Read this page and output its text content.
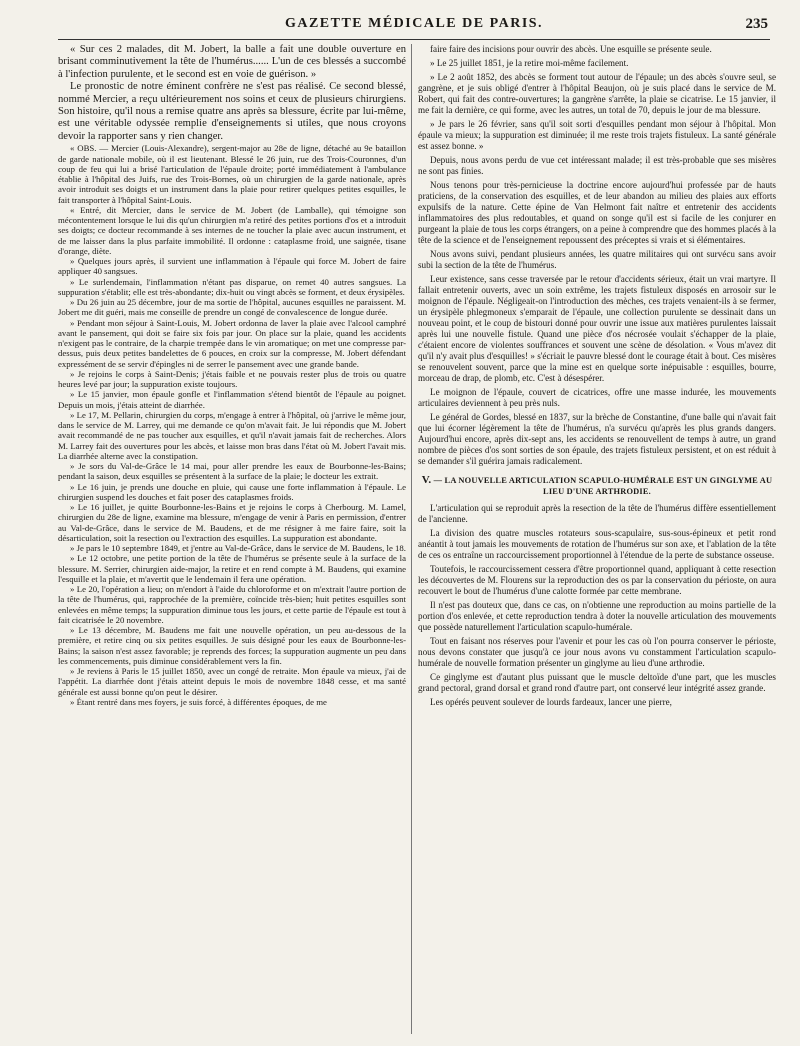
GAZETTE MÉDICALE DE PARIS.	235

« Sur ces 2 malades, dit M. Jobert, la balle a fait une double ouverture en brisant comminutivement la tête de l'humérus...... L'un de ces blessés a succombé à l'infection purulente, et le second est en voie de guérison. »

Le pronostic de notre éminent confrère ne s'est pas réalisé. Ce second blessé, nommé Mercier, a reçu ultérieurement nos soins et ceux de plusieurs chirurgiens. Son histoire, qu'il nous a remise quatre ans après sa blessure, écrite par lui-même, est une véritable odyssée remplie d'enseignements si utiles, que nous croyons devoir la rapporter sans y rien changer.

« OBS. — Mercier (Louis-Alexandre), sergent-major au 28e de ligne, détaché au 9e bataillon de garde nationale mobile, où il est lieutenant. Blessé le 26 juin, rue des Trois-Couronnes, d'un coup de feu qui lui a brisé l'articulation de l'épaule droite; porté immédiatement à l'ambulance établie à l'hôpital des Juifs, rue des Trois-Bornes, où un chirurgien de la garde nationale, après avoir introduit ses doigts et un instrument dans la plaie pour retirer quelques petites esquilles, le fait transporter à l'hôpital Saint-Louis.

« Entré, dit Mercier, dans le service de M. Jobert (de Lamballe), qui témoigne son mécontentement lorsque le lui dis qu'un chirurgien m'a retiré des petites portions d'os et a introduit ses doigts; ce docteur recommande à ses internes de ne toucher la plaie avec aucun instrument, et de me laisser dans la plus parfaite immobilité. Il ordonne : cataplasme froid, une saignée, tisane d'orange, diète.

» Quelques jours après, il survient une inflammation à l'épaule qui force M. Jobert de faire appliquer 40 sangsues.

» Le surlendemain, l'inflammation n'étant pas disparue, on remet 40 autres sangsues. La suppuration s'établit; elle est très-abondante; dix-huit ou vingt abcès se forment, et deux érysipèles.

» Du 26 juin au 25 décembre, jour de ma sortie de l'hôpital, aucunes esquilles ne paraissent. M. Jobert me dit guéri, mais me conseille de prendre un congé de convalescence de longue durée.

» Pendant mon séjour à Saint-Louis, M. Jobert ordonna de laver la plaie avec l'alcool camphré avant le pansement, qui doit se faire six fois par jour. On place sur la plaie, quand les accidents n'exigent pas le contraire, de la charpie trempée dans le vin aromatique; on met une compresse par-dessus, puis deux petites bandelettes de 6 pouces, en croix sur la compresse, M. Jobert défendant expressément de se servir d'épingles ni de serrer le pansement avec une grande bande.

» Je rejoins le corps à Saint-Denis; j'étais faible et ne pouvais rester plus de trois ou quatre heures levé par jour; la suppuration existe toujours.

» Le 15 janvier, mon épaule gonfle et l'inflammation s'étend bientôt de l'épaule au poignet. Depuis un mois, j'étais atteint de diarrhée.

» Le 17, M. Pellarin, chirurgien du corps, m'engage à entrer à l'hôpital, où j'arrive le même jour, dans le service de M. Larrey, qui me demande ce qu'on m'avait fait. Je lui répondis que M. Jobert avait recommandé de ne pas toucher aux esquilles, et qu'il n'avait jamais fait de recherches. Alors M. Larrey fait des ouvertures pour les abcès, et laisse mon bras dans l'état où M. Jobert l'avait mis. La diarrhée alterne avec la constipation.

» Je sors du Val-de-Grâce le 14 mai, pour aller prendre les eaux de Bourbonne-les-Bains; pendant la saison, deux esquilles se présentent à la surface de la plaie; le docteur les extrait.

» Le 16 juin, je prends une douche en pluie, qui cause une forte inflammation à l'épaule. Le chirurgien suspend les douches et fait poser des cataplasmes froids.

» Le 16 juillet, je quitte Bourbonne-les-Bains et je rejoins le corps à Cherbourg. M. Lamel, chirurgien du 28e de ligne, examine ma blessure, m'engage de venir à Paris en permission, d'entrer au Val-de-Grâce, dans le service de M. Baudens, et de me résigner à me faire faire, soit la désarticulation, soit la resection ou l'extraction des esquilles. La suppuration est abondante.

» Je pars le 10 septembre 1849, et j'entre au Val-de-Grâce, dans le service de M. Baudens, le 18.

» Le 12 octobre, une petite portion de la tête de l'humérus se présente seule à la surface de la blessure. M. Serrier, chirurgien aide-major, la retire et en rend compte à M. Baudens, qui examine l'esquille et la plaie, et m'avertit que le lendemain il fera une opération.

» Le 20, l'opération a lieu; on m'endort à l'aide du chloroforme et on m'extrait l'autre portion de la tête de l'humérus, qui, rapprochée de la première, coïncide très-bien; huit petites esquilles sont enlevées en même temps; la suppuration diminue tous les jours, et cette partie de l'épaule est tout à fait cicatrisée le 20 novembre.

» Le 13 décembre, M. Baudens me fait une nouvelle opération, un peu au-dessous de la première, et retire cinq ou six petites esquilles. Je suis désigné pour les eaux de Bourbonne-les-Bains; la saison n'est assez favorable; je reprends des forces; la suppuration augmente un peu dans les commencements, puis diminue considérablement vers la fin.

» Je reviens à Paris le 15 juillet 1850, avec un congé de retraite. Mon épaule va mieux, j'ai de l'appétit. La diarrhée dont j'étais atteint depuis le mois de novembre 1848 cesse, et ma santé générale est aussi bonne qu'on peut le désirer.

» Étant rentré dans mes foyers, je suis forcé, à différentes époques, de me

faire faire des incisions pour ouvrir des abcès. Une esquille se présente seule.

» Le 25 juillet 1851, je la retire moi-même facilement.

» Le 2 août 1852, des abcès se forment tout autour de l'épaule; un des abcès s'ouvre seul, se gangrène, et je suis obligé d'entrer à l'hôpital Beaujon, où je suis placé dans le service de M. Robert, qui fait des contre-ouvertures; la gangrène s'arrête, la plaie se cicatrise. Le 15 janvier, il me fait la dernière, ce qui forme, avec les autres, un total de 70, depuis le jour de ma blessure.

» Je pars le 26 février, sans qu'il soit sorti d'esquilles pendant mon séjour à l'hôpital. Mon épaule va mieux; la suppuration est diminuée; il me reste trois trajets fistuleux. La santé générale est assez bonne. »

Depuis, nous avons perdu de vue cet intéressant malade; il est très-probable que ses misères ne sont pas finies.

Nous tenons pour très-pernicieuse la doctrine encore aujourd'hui professée par de hauts praticiens, de la conservation des esquilles, et de leur abandon au milieu des plaies aux efforts expulsifs de la nature. Cette épine de Van Helmont fait naître et entretenir des accidents inflammatoires des plus redoutables, et quand on songe qu'il est si facile de les conjurer en purgeant la plaie de tous les corps étrangers, on a peine à comprendre que des hommes placés à la tête de la science et de l'enseignement repoussent des préceptes si vrais et si élémentaires.

Nous avons suivi, pendant plusieurs années, les quatre militaires qui ont survécu sans avoir subi la section de la tête de l'humérus.

Leur existence, sans cesse traversée par le retour d'accidents sérieux, était un vrai martyre. Il fallait entretenir ouverts, avec un soin extrême, les trajets fistuleux disposés en arrosoir sur le moignon de l'épaule. Négligeait-on l'introduction des mèches, ces trajets venaient-ils à se fermer, un érysipèle phlegmoneux s'emparait de l'épaule, une collection purulente se dessinait dans un nouveau point, et le coup de bistouri donné pour ouvrir une issue aux matières purulentes laissait après lui une nouvelle fistule. Quand une pièce d'os nécrosée voulait s'échapper de la plaie, c'étaient encore de violentes souffrances et souvent une scène de désolation. « Vous m'avez dit qu'il n'y avait plus d'esquilles! » s'écriait le pauvre blessé dont le courage était à bout. Ces misères se renouvelent souvent, parce que la mine est en quelque sorte inépuisable : esquilles, bourre, morceau de drap, de plomb, etc. C'est à désespérer.

Le moignon de l'épaule, couvert de cicatrices, offre une masse indurée, les mouvements articulaires deviennent à peu près nuls.

Le général de Gordes, blessé en 1837, sur la brèche de Constantine, d'une balle qui n'avait fait que lui écorner légèrement la tête de l'humérus, n'a survécu qu'après les plus grands dangers. Aujourd'hui encore, après dix-sept ans, les accidents se renouvellent de temps à autre, un grand nombre de pièces d'os sont sorties de son épaule, des trajets fistuleux persistent, et on est réduit à se demander s'il guérira jamais radicalement.

V. — LA NOUVELLE ARTICULATION SCAPULO-HUMÉRALE EST UN GINGLYME AU LIEU D'UNE ARTHRODIE.

L'articulation qui se reproduit après la resection de la tête de l'humérus diffère essentiellement de l'ancienne.

La division des quatre muscles rotateurs sous-scapulaire, sus-sous-épineux et petit rond anéantit à tout jamais les mouvements de rotation de l'humérus sur son axe, et l'ablation de la tête de ces os entraîne un raccourcissement proportionnel à l'étendue de la perte de substance osseuse.

Toutefois, le raccourcissement cessera d'être proportionnel quand, appliquant à cette resection les découvertes de M. Flourens sur la reproduction des os par la conservation du périoste, on aura recouvert le bout de l'humérus d'une calotte formée par cette membrane.

Il n'est pas douteux que, dans ce cas, on n'obtienne une reproduction au moins partielle de la portion d'os enlevée, et cette reproduction tendra à doter la nouvelle articulation des mouvements que possède naturellement l'articulation scapulo-humérale.

Tout en faisant nos réserves pour l'avenir et pour les cas où l'on pourra conserver le périoste, nous devons constater que jusqu'à ce jour nous avons vu constamment l'articulation scapulo-humérale de nouvelle formation présenter un ginglyme au lieu d'une arthrodie.

Ce ginglyme est d'autant plus puissant que le muscle deltoïde d'une part, que les muscles grand pectoral, grand dorsal et grand rond d'autre part, ont conservé leur intégrité assez grande.

Les opérés peuvent soulever de lourds fardeaux, lancer une pierre,
